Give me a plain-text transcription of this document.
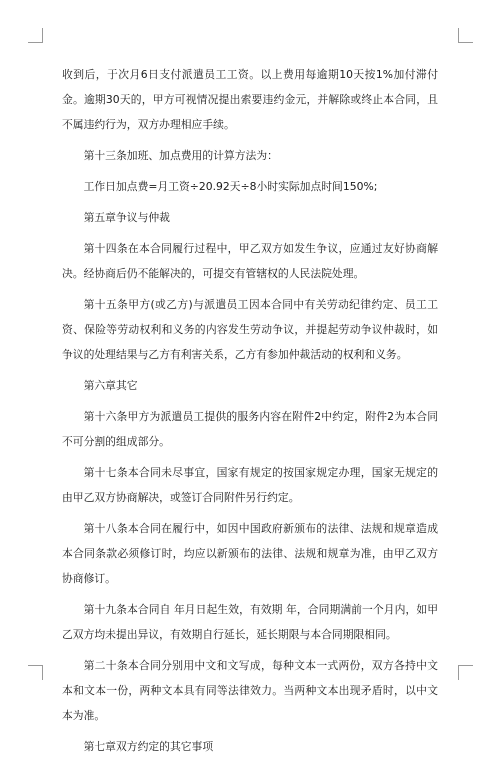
收到后，于次月6日支付派遣员工工资。以上费用每逾期10天按1%加付滞付金。逾期30天的，甲方可视情况提出索要违约金元，并解除或终止本合同，且不属违约行为，双方办理相应手续。

第十三条加班、加点费用的计算方法为：

工作日加点费=月工资÷20.92天÷8小时实际加点时间150%;

第五章争议与仲裁

第十四条在本合同履行过程中，甲乙双方如发生争议，应通过友好协商解决。经协商后仍不能解决的，可提交有管辖权的人民法院处理。

第十五条甲方(或乙方)与派遣员工因本合同中有关劳动纪律约定、员工工资、保险等劳动权利和义务的内容发生劳动争议，并提起劳动争议仲裁时，如争议的处理结果与乙方有利害关系，乙方有参加仲裁活动的权利和义务。

第六章其它

第十六条甲方为派遣员工提供的服务内容在附件2中约定，附件2为本合同不可分割的组成部分。

第十七条本合同未尽事宜，国家有规定的按国家规定办理，国家无规定的由甲乙双方协商解决，或签订合同附件另行约定。

第十八条本合同在履行中，如因中国政府新颁布的法律、法规和规章造成本合同条款必须修订时，均应以新颁布的法律、法规和规章为准，由甲乙双方协商修订。

第十九条本合同自 年月日起生效，有效期 年，合同期满前一个月内，如甲乙双方均未提出异议，有效期自行延长，延长期限与本合同期限相同。

第二十条本合同分别用中文和文写成，每种文本一式两份，双方各持中文本和文本一份，两种文本具有同等法律效力。当两种文本出现矛盾时，以中文本为准。

第七章双方约定的其它事项
